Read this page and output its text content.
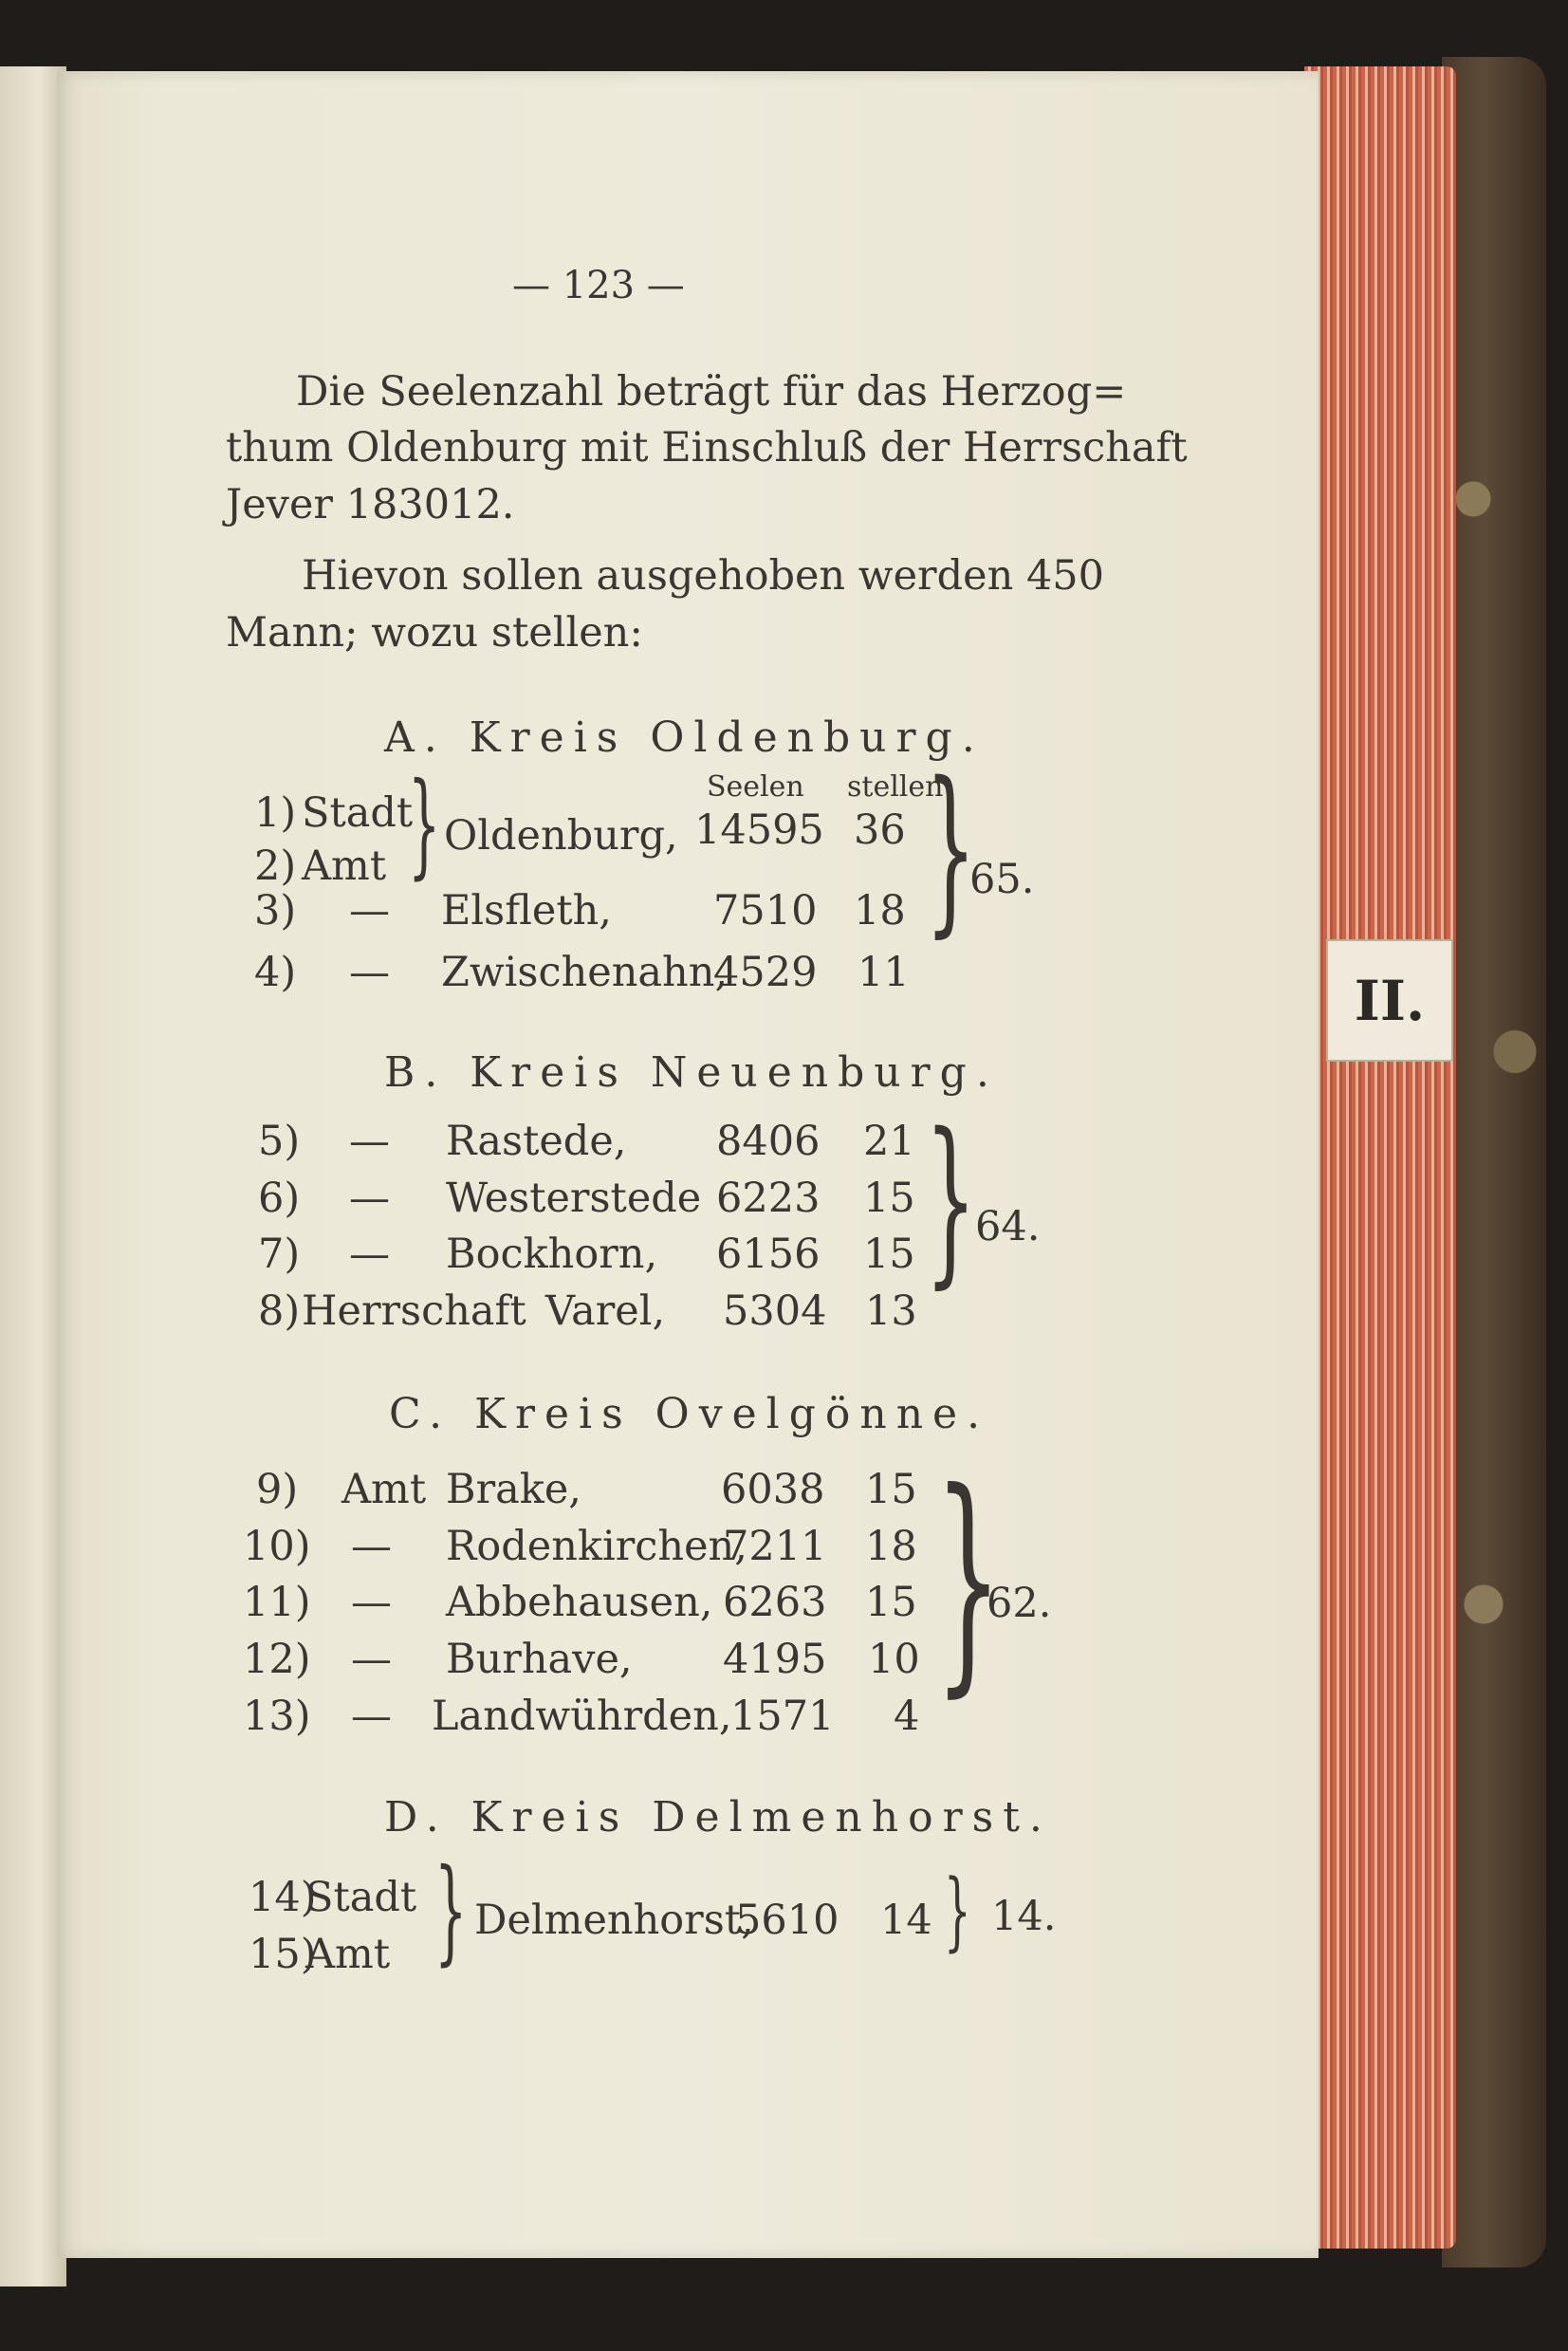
II.
— 123 —
Die Seelenzahl beträgt für das Herzog=
thum Oldenburg mit Einschluß der Herrschaft
Jever 183012.
Hievon sollen ausgehoben werden 450
Mann; wozu stellen:
A. Kreis Oldenburg.
Seelen stellen
1) Stadt
} Oldenburg, 14595 36
2) Amt
3) — Elsfleth, 7510 18
4) — Zwischenahn,
4529 11
}
65.
B. Kreis Neuenburg.
5) — Rastede, 8406 21
6) — Westerstede 6223 15
7) — Bockhorn, 6156 15
8) Herrschaft Varel, 5304 13
}
64.
C. Kreis Ovelgönne.
9) Amt Brake,	6038 15
10) — Rodenkirchen,
7211 18
11) — Abbehausen, 6263 15
12) — Burhave, 4195 10
13) — Landwührden,
1571 4 }
62.
D. Kreis Delmenhorst.
14)
Stadt } Delmenhorst,
5610 14
15)
Amt	} 14.
